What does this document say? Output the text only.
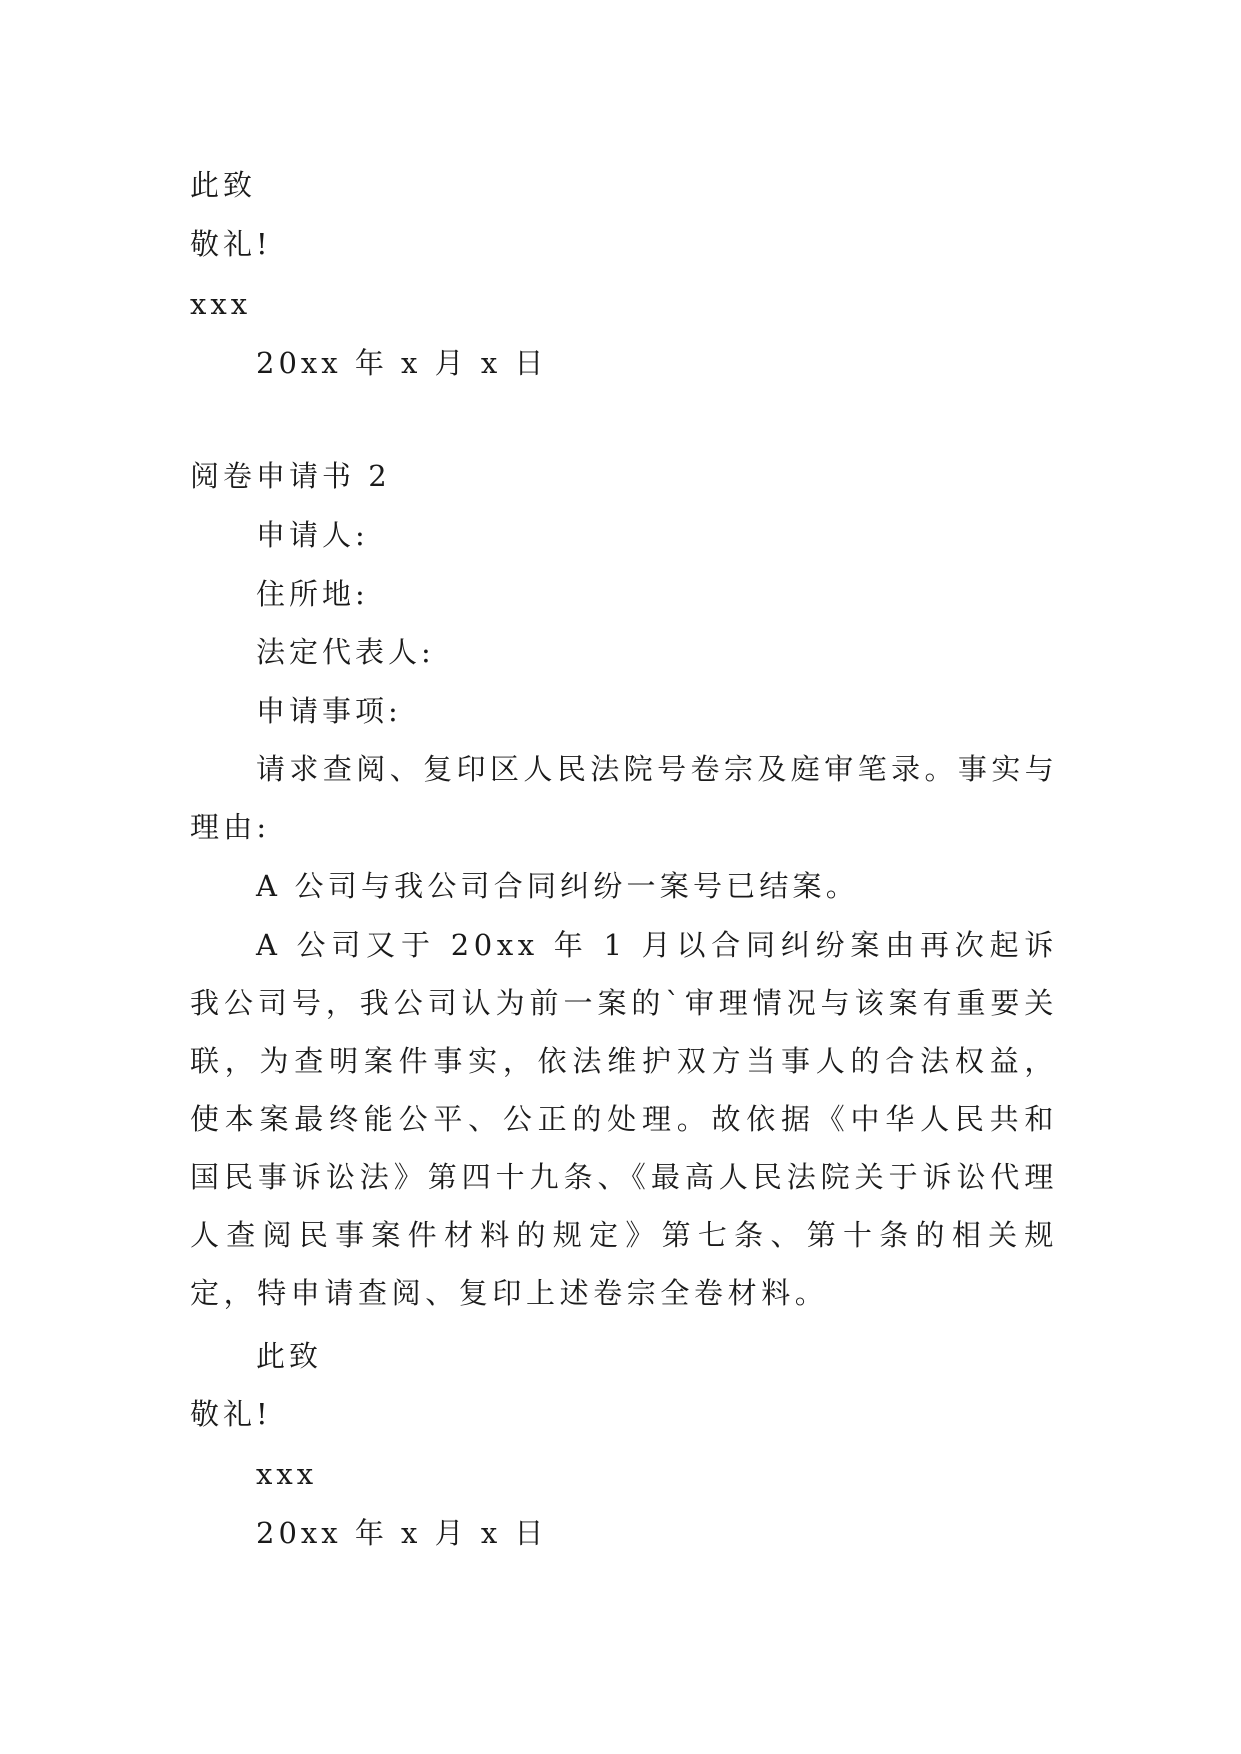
此致
敬礼!
xxx
20xx 年 x 月 x 日
阅卷申请书 2
申请人:
住所地:
法定代表人:
申请事项:
请求查阅、复印区人民法院号卷宗及庭审笔录。事实与理由:
A 公司与我公司合同纠纷一案号已结案。
A 公司又于 20xx 年 1 月以合同纠纷案由再次起诉我公司号，我公司认为前一案的`审理情况与该案有重要关联，为查明案件事实，依法维护双方当事人的合法权益，使本案最终能公平、公正的处理。故依据《中华人民共和国民事诉讼法》第四十九条、《最高人民法院关于诉讼代理人查阅民事案件材料的规定》第七条、第十条的相关规定，特申请查阅、复印上述卷宗全卷材料。
此致
敬礼!
xxx
20xx 年 x 月 x 日
